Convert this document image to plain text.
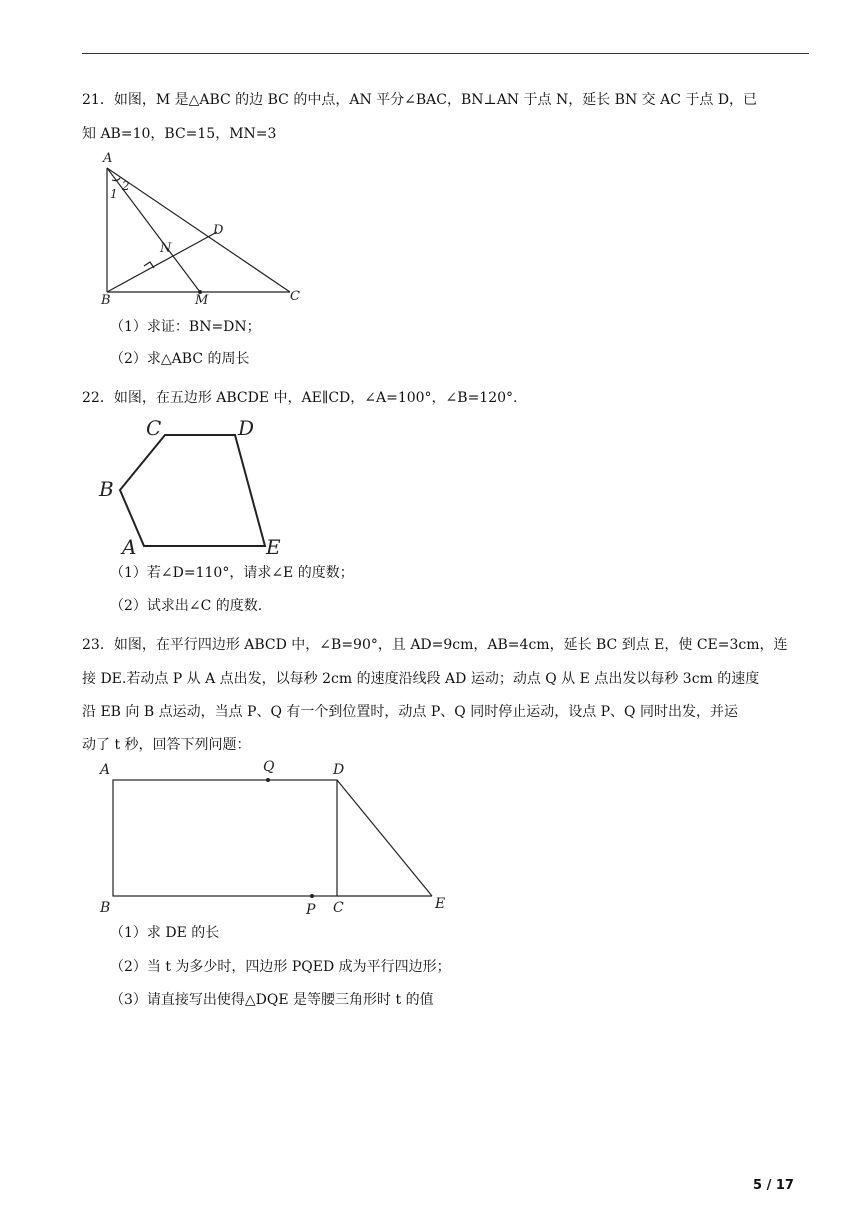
21．如图，M 是△ABC 的边 BC 的中点，AN 平分∠BAC，BN⊥AN 于点 N，延长 BN 交 AC 于点 D，已
知 AB=10，BC=15，MN=3
A
B	C
D
N
M
1
2
（1）求证：BN=DN；
（2）求△ABC 的周长
22．如图，在五边形 ABCDE 中，AE∥CD，∠A=100°，∠B=120°.
C	D
B
A	E
（1）若∠D=110°，请求∠E 的度数；
（2）试求出∠C 的度数.
23．如图，在平行四边形 ABCD 中，∠B=90°，且 AD=9cm，AB=4cm，延长 BC 到点 E，使 CE=3cm，连
接 DE.若动点 P 从 A 点出发，以每秒 2cm 的速度沿线段 AD 运动；动点 Q 从 E 点出发以每秒 3cm 的速度
沿 EB 向 B 点运动，当点 P、Q 有一个到位置时，动点 P、Q 同时停止运动，设点 P、Q 同时出发，并运
动了 t 秒，回答下列问题：
A	Q	D
B	P C	E
（1）求 DE 的长
（2）当 t 为多少时，四边形 PQED 成为平行四边形；
（3）请直接写出使得△DQE 是等腰三角形时 t 的值
5 / 17
